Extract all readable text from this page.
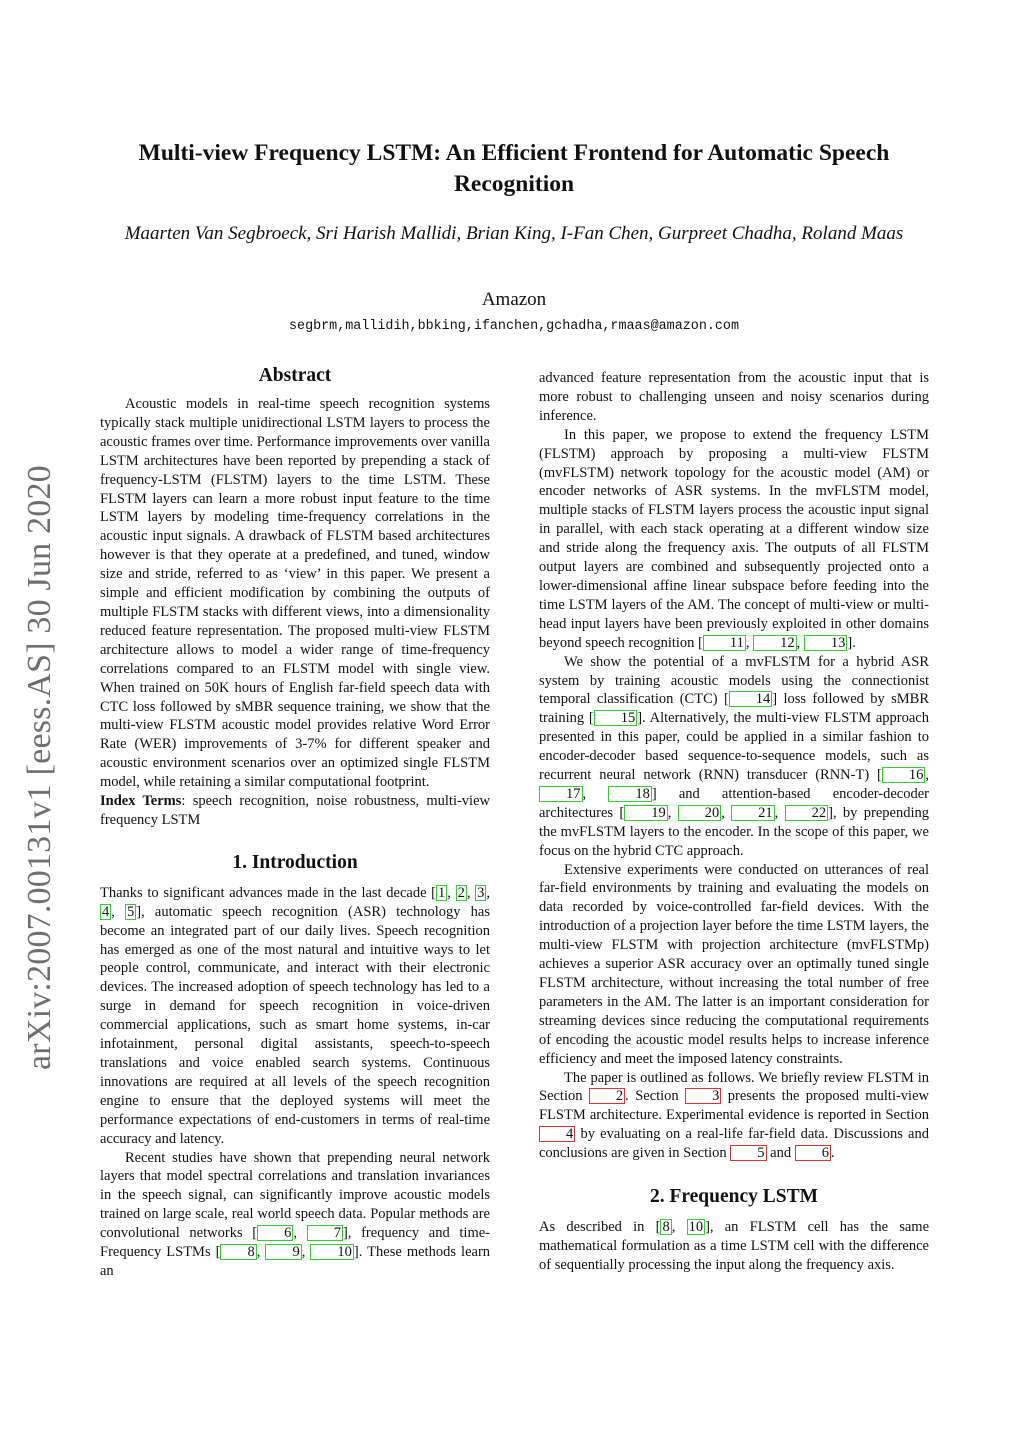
arXiv:2007.00131v1 [eess.AS] 30 Jun 2020
Multi-view Frequency LSTM: An Efficient Frontend for Automatic Speech Recognition
Maarten Van Segbroeck, Sri Harish Mallidi, Brian King, I-Fan Chen, Gurpreet Chadha, Roland Maas
Amazon
segbrm,mallidih,bbking,ifanchen,gchadha,rmaas@amazon.com
Abstract

Acoustic models in real-time speech recognition systems typically stack multiple unidirectional LSTM layers to process the acoustic frames over time. Performance improvements over vanilla LSTM architectures have been reported by prepending a stack of frequency-LSTM (FLSTM) layers to the time LSTM. These FLSTM layers can learn a more robust input feature to the time LSTM layers by modeling time-frequency correlations in the acoustic input signals. A drawback of FLSTM based architectures however is that they operate at a predefined, and tuned, window size and stride, referred to as ‘view’ in this paper. We present a simple and efficient modification by combining the outputs of multiple FLSTM stacks with different views, into a dimensionality reduced feature representation. The proposed multi-view FLSTM architecture allows to model a wider range of time-frequency correlations compared to an FLSTM model with single view. When trained on 50K hours of English far-field speech data with CTC loss followed by sMBR sequence training, we show that the multi-view FLSTM acoustic model provides relative Word Error Rate (WER) improvements of 3-7% for different speaker and acoustic environment scenarios over an optimized single FLSTM model, while retaining a similar computational footprint.

Index Terms: speech recognition, noise robustness, multi-view frequency LSTM

1. Introduction

Thanks to significant advances made in the last decade [ 1 , 2 , 3 , 4 , 5 ], automatic speech recognition (ASR) technology has become an integrated part of our daily lives. Speech recognition has emerged as one of the most natural and intuitive ways to let people control, communicate, and interact with their electronic devices. The increased adoption of speech technology has led to a surge in demand for speech recognition in voice-driven commercial applications, such as smart home systems, in-car infotainment, personal digital assistants, speech-to-speech translations and voice enabled search systems. Continuous innovations are required at all levels of the speech recognition engine to ensure that the deployed systems will meet the performance expectations of end-customers in terms of real-time accuracy and latency.

Recent studies have shown that prepending neural network layers that model spectral correlations and translation invariances in the speech signal, can significantly improve acoustic models trained on large scale, real world speech data. Popular methods are convolutional networks [ 6 , 7 ], frequency and time-Frequency LSTMs [ 8 , 9 , 10 ]. These methods learn an

advanced feature representation from the acoustic input that is more robust to challenging unseen and noisy scenarios during inference.

In this paper, we propose to extend the frequency LSTM (FLSTM) approach by proposing a multi-view FLSTM (mvFLSTM) network topology for the acoustic model (AM) or encoder networks of ASR systems. In the mvFLSTM model, multiple stacks of FLSTM layers process the acoustic input signal in parallel, with each stack operating at a different window size and stride along the frequency axis. The outputs of all FLSTM output layers are combined and subsequently projected onto a lower-dimensional affine linear subspace before feeding into the time LSTM layers of the AM. The concept of multi-view or multi-head input layers have been previously exploited in other domains beyond speech recognition [ 11 , 12 , 13 ].

We show the potential of a mvFLSTM for a hybrid ASR system by training acoustic models using the connectionist temporal classification (CTC) [ 14 ] loss followed by sMBR training [ 15 ]. Alternatively, the multi-view FLSTM approach presented in this paper, could be applied in a similar fashion to encoder-decoder based sequence-to-sequence models, such as recurrent neural network (RNN) transducer (RNN-T) [ 16 , 17 , 18 ] and attention-based encoder-decoder architectures [ 19 , 20 , 21 , 22 ], by prepending the mvFLSTM layers to the encoder. In the scope of this paper, we focus on the hybrid CTC approach.

Extensive experiments were conducted on utterances of real far-field environments by training and evaluating the models on data recorded by voice-controlled far-field devices. With the introduction of a projection layer before the time LSTM layers, the multi-view FLSTM with projection architecture (mvFLSTMp) achieves a superior ASR accuracy over an optimally tuned single FLSTM architecture, without increasing the total number of free parameters in the AM. The latter is an important consideration for streaming devices since reducing the computational requirements of encoding the acoustic model results helps to increase inference efficiency and meet the imposed latency constraints.

The paper is outlined as follows. We briefly review FLSTM in Section 2 . Section 3 presents the proposed multi-view FLSTM architecture. Experimental evidence is reported in Section 4 by evaluating on a real-life far-field data. Discussions and conclusions are given in Section 5 and 6 .

2. Frequency LSTM

As described in [ 8 , 10 ], an FLSTM cell has the same mathematical formulation as a time LSTM cell with the difference of sequentially processing the input along the frequency axis.
